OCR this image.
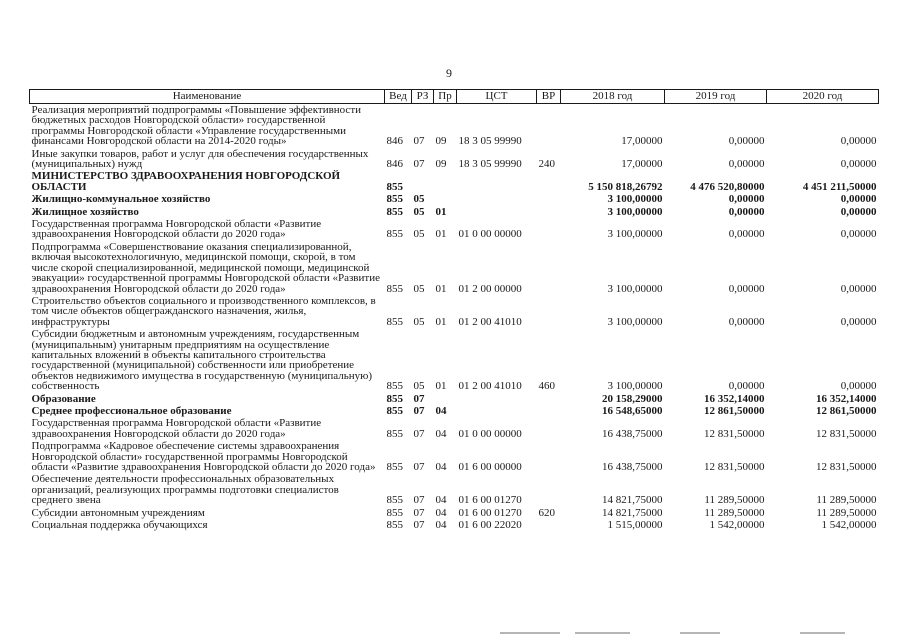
9
Наименование	Вед	РЗ	Пр	ЦСТ	ВР	2018 год	2019 год	2020 год
Реализация мероприятий подпрограммы «Повышение эффективности бюджетных расходов Новгородской области» государственной программы Новгородской области «Управление государственными финансами Новгородской области на 2014-2020 годы»	846	07	09	18 3 05 99990		17,00000	0,00000	0,00000
Иные закупки товаров, работ и услуг для обеспечения государственных (муниципальных) нужд	846	07	09	18 3 05 99990	240	17,00000	0,00000	0,00000
МИНИСТЕРСТВО ЗДРАВООХРАНЕНИЯ НОВГОРОДСКОЙ ОБЛАСТИ	855					5 150 818,26792	4 476 520,80000	4 451 211,50000
Жилищно-коммунальное хозяйство	855	05				3 100,00000	0,00000	0,00000
Жилищное хозяйство	855	05	01			3 100,00000	0,00000	0,00000
Государственная программа Новгородской области «Развитие здравоохранения Новгородской области до 2020 года»	855	05	01	01 0 00 00000		3 100,00000	0,00000	0,00000
Подпрограмма «Совершенствование оказания специализированной, включая высокотехнологичную, медицинской помощи, скорой, в том числе скорой специализированной, медицинской помощи, медицинской эвакуации» государственной программы Новгородской области «Развитие здравоохранения Новгородской области до 2020 года»	855	05	01	01 2 00 00000		3 100,00000	0,00000	0,00000
Строительство объектов социального и производственного комплексов, в том числе объектов общегражданского назначения, жилья, инфраструктуры	855	05	01	01 2 00 41010		3 100,00000	0,00000	0,00000
Субсидии бюджетным и автономным учреждениям, государственным (муниципальным) унитарным предприятиям на осуществление капитальных вложений в объекты капитального строительства государственной (муниципальной) собственности или приобретение объектов недвижимого имущества в государственную (муниципальную) собственность	855	05	01	01 2 00 41010	460	3 100,00000	0,00000	0,00000
Образование	855	07				20 158,29000	16 352,14000	16 352,14000
Среднее профессиональное образование	855	07	04			16 548,65000	12 861,50000	12 861,50000
Государственная программа Новгородской области «Развитие здравоохранения Новгородской области до 2020 года»	855	07	04	01 0 00 00000		16 438,75000	12 831,50000	12 831,50000
Подпрограмма «Кадровое обеспечение системы здравоохранения Новгородской области» государственной программы Новгородской области «Развитие здравоохранения Новгородской области до 2020 года»	855	07	04	01 6 00 00000		16 438,75000	12 831,50000	12 831,50000
Обеспечение деятельности профессиональных образовательных организаций, реализующих программы подготовки специалистов среднего звена	855	07	04	01 6 00 01270		14 821,75000	11 289,50000	11 289,50000
Субсидии автономным учреждениям	855	07	04	01 6 00 01270	620	14 821,75000	11 289,50000	11 289,50000
Социальная поддержка обучающихся	855	07	04	01 6 00 22020		1 515,00000	1 542,00000	1 542,00000
